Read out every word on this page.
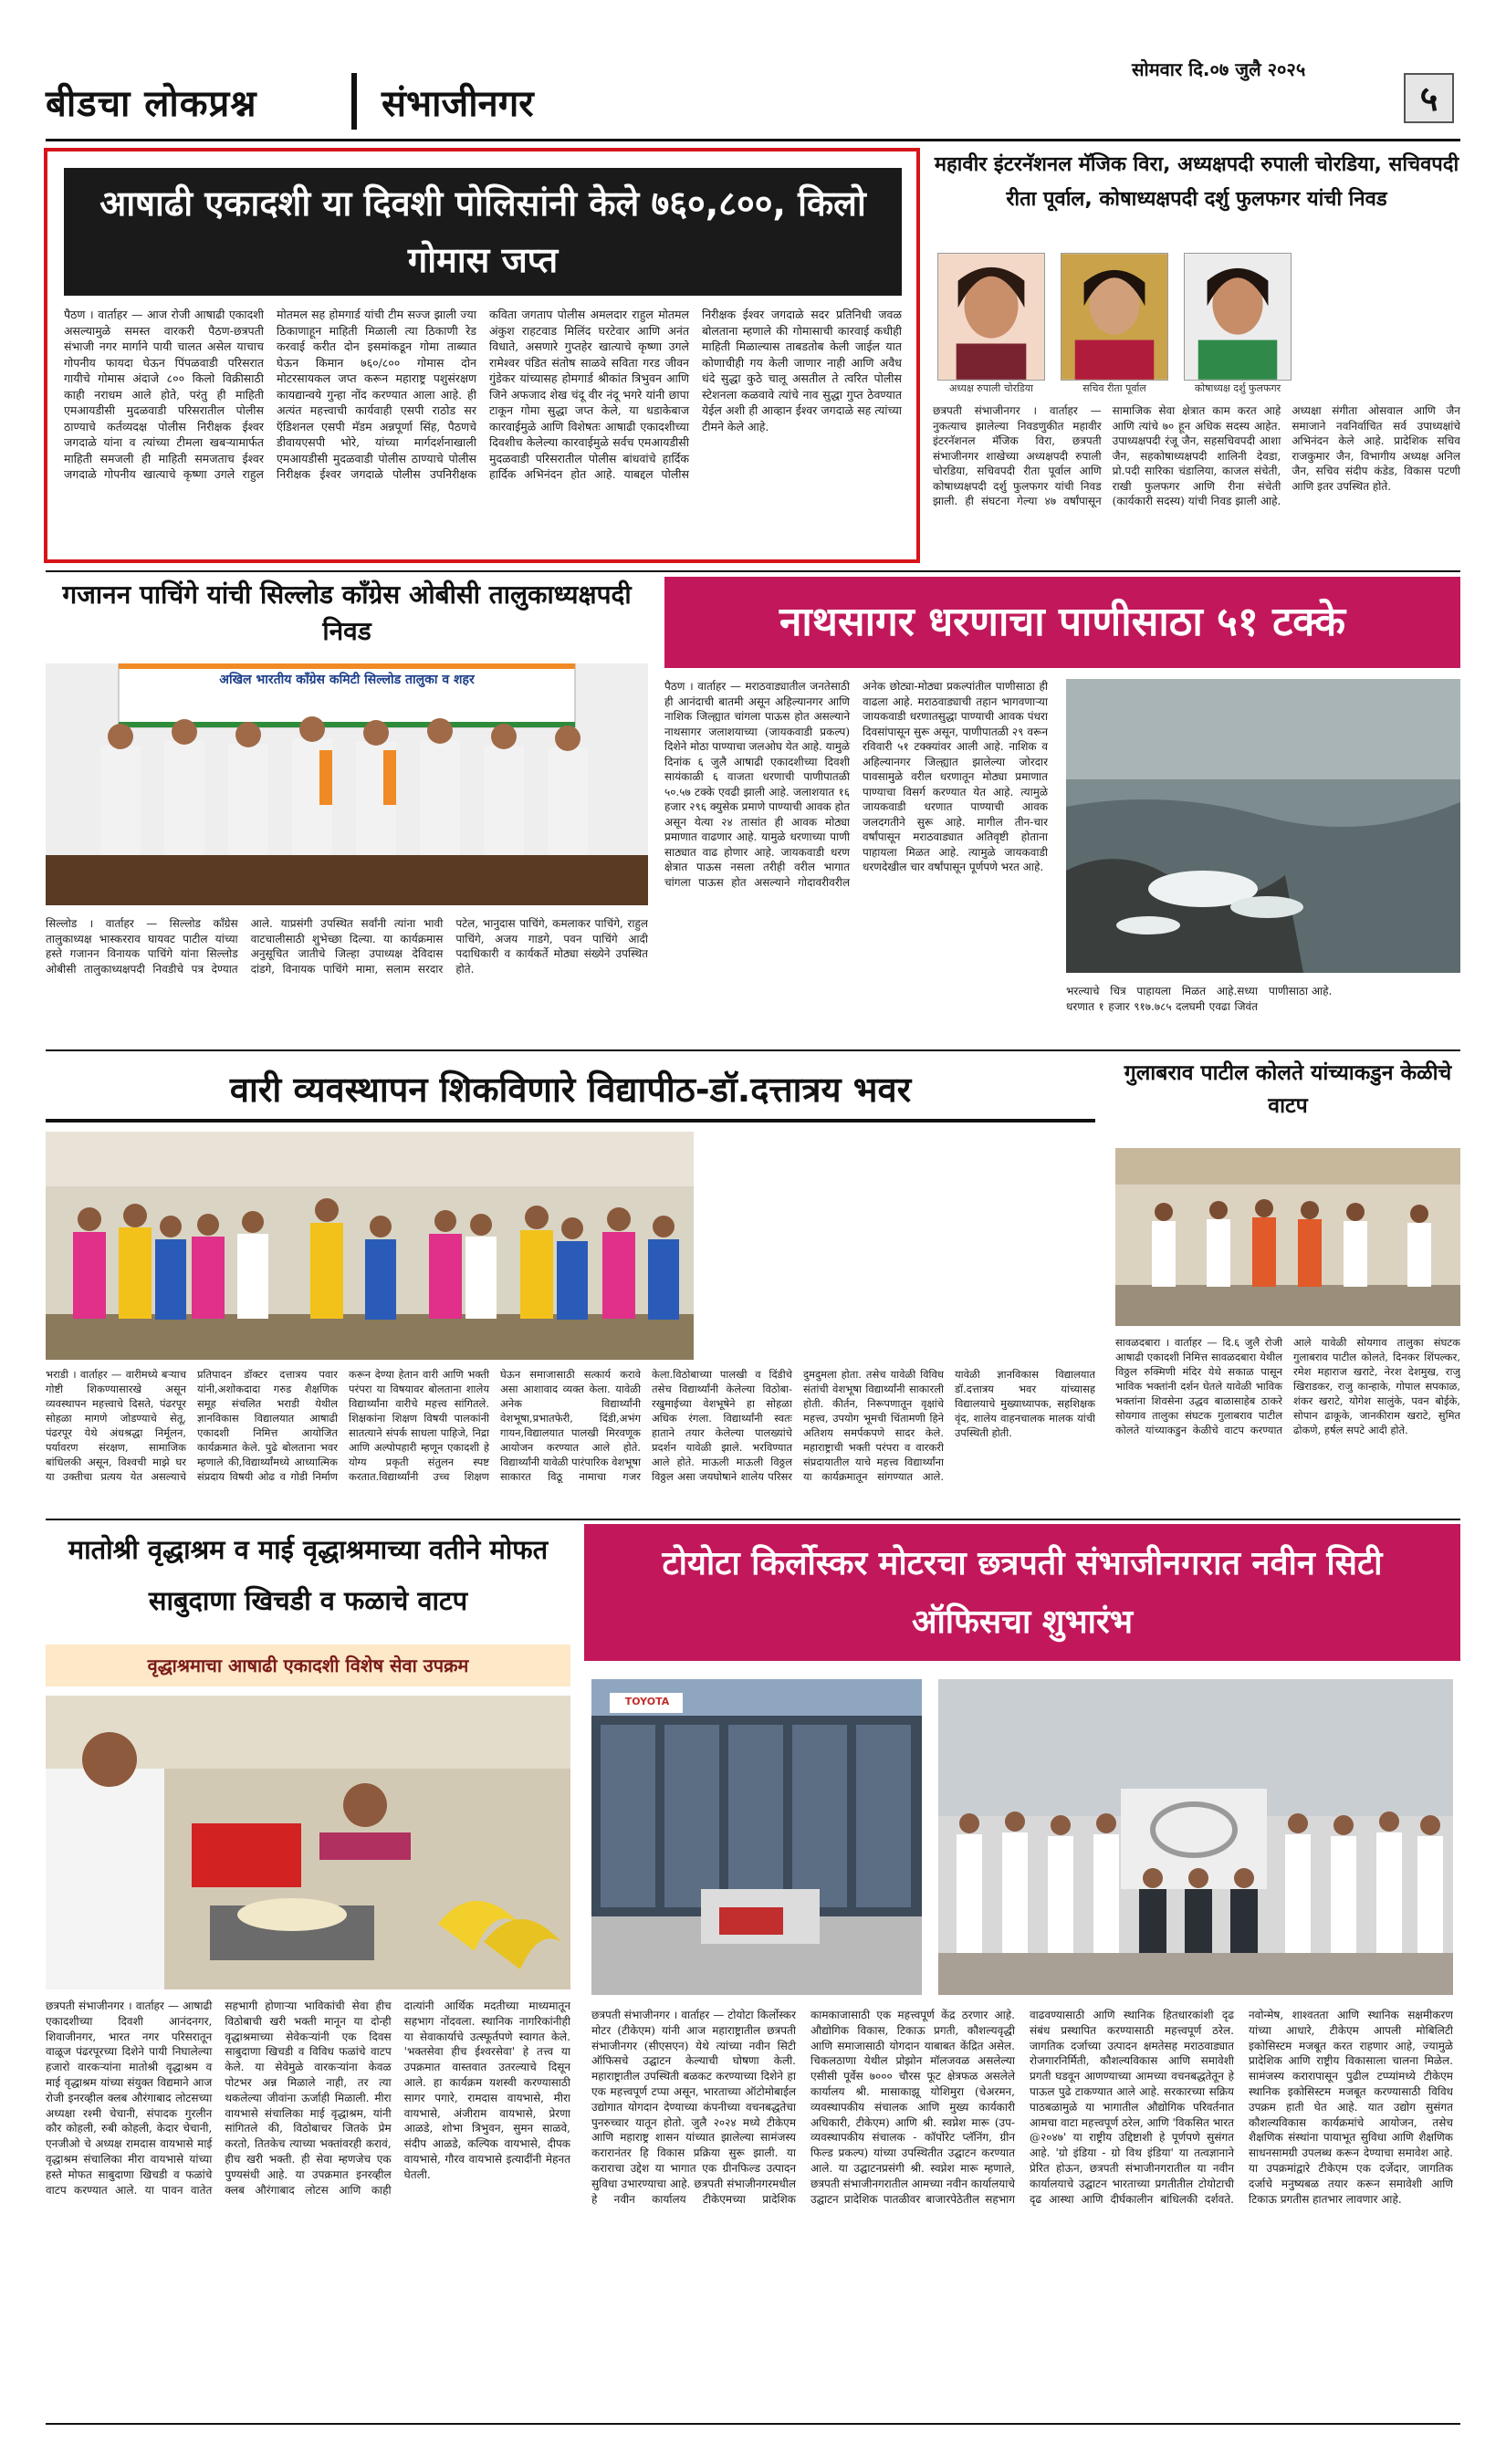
बीडचा लोकप्रश्न	संभाजीनगर
सोमवार दि.०७ जुलै २०२५
५
आषाढी एकादशी या दिवशी पोलिसांनी केले ७६०,८००, किलो गोमास जप्त
पैठण । वार्ताहर — आज रोजी आषाढी एकादशी असल्यामुळे समस्त वारकरी पैठण-छत्रपती संभाजी नगर मार्गाने पायी चालत असेल याचाच गोपनीय फायदा घेऊन पिंपळवाडी परिसरात गायीचे गोमास अंदाजे ८०० किलो विक्रीसाठी काही नराधम आले होते, परंतु ही माहिती एमआयडीसी मुदळवाडी परिसरातील पोलीस ठाण्याचे कर्तव्यदक्ष पोलीस निरीक्षक ईश्वर जगदाळे यांना व त्यांच्या टीमला खबऱ्यामार्फत माहिती समजली ही माहिती समजताच ईश्वर जगदाळे गोपनीय खात्याचे कृष्णा उगले राहुल मोतमल सह होमगार्ड यांची टीम सज्ज झाली ज्या ठिकाणाहून माहिती मिळाली त्या ठिकाणी रेड करवाई करीत दोन इसमांकडून गोमा ताब्यात घेऊन किमान ७६०/८०० गोमास दोन मोटरसायकल जप्त करून महाराष्ट्र पशुसंरक्षण कायद्यान्वये गुन्हा नोंद करण्यात आला आहे. ही अत्यंत महत्त्वाची कार्यवाही एसपी राठोड सर ऍडिशनल एसपी मॅडम अन्नपूर्णा सिंह, पैठणचे डीवायएसपी भोरे, यांच्या मार्गदर्शनाखाली एमआयडीसी मुदळवाडी पोलीस ठाण्याचे पोलीस निरीक्षक ईश्वर जगदाळे पोलीस उपनिरीक्षक कविता जगताप पोलीस अमलदार राहुल मोतमल अंकुश राहटवाड मिलिंद घरटेवार आणि अनंत विधाते, असणारे गुप्तहेर खात्याचे कृष्णा उगले रामेश्वर पंडित संतोष साळवे सविता गरड जीवन गुंडेकर यांच्यासह होमगार्ड श्रीकांत त्रिभुवन आणि जिने अफजाद शेख चंदू वीर नंदू भगरे यांनी छापा टाकून गोमा सुद्धा जप्त केले, या धडाकेबाज कारवाईमुळे आणि विशेषतः आषाढी एकादशीच्या दिवशीच केलेल्या कारवाईमुळे सर्वच एमआयडीसी मुदळवाडी परिसरातील पोलीस बांधवांचे हार्दिक हार्दिक अभिनंदन होत आहे. याबद्दल पोलीस निरीक्षक ईश्वर जगदाळे सदर प्रतिनिधी जवळ बोलताना म्हणाले की गोमासाची कारवाई कधीही माहिती मिळाल्यास ताबडतोब केली जाईल यात कोणाचीही गय केली जाणार नाही आणि अवैध धंदे सुद्धा कुठे चालू असतील ते त्वरित पोलीस स्टेशनला कळवावे त्यांचे नाव सुद्धा गुप्त ठेवण्यात येईल अशी ही आव्हान ईश्वर जगदाळे सह त्यांच्या टीमने केले आहे.
महावीर इंटरनॅशनल मॅजिक विरा, अध्यक्षपदी रुपाली चोरडिया, सचिवपदी रीता पूर्वाल, कोषाध्यक्षपदी दर्शु फुलफगर यांची निवड
अध्यक्ष रुपाली चोरडिया	सचिव रीता पूर्वाल	कोषाध्यक्ष दर्शु फुलफगर
छत्रपती संभाजीनगर । वार्ताहर — नुकत्याच झालेल्या निवडणुकीत महावीर इंटरनॅशनल मॅजिक विरा, छत्रपती संभाजीनगर शाखेच्या अध्यक्षपदी रुपाली चोरडिया, सचिवपदी रीता पूर्वाल आणि कोषाध्यक्षपदी दर्शु फुलफगर यांची निवड झाली. ही संघटना गेल्या ४७ वर्षांपासून सामाजिक सेवा क्षेत्रात काम करत आहे आणि त्यांचे ७० हून अधिक सदस्य आहेत. उपाध्यक्षपदी रंजू जैन, सहसचिवपदी आशा जैन, सहकोषाध्यक्षपदी शालिनी देवडा, प्रो.पदी सारिका चंडालिया, काजल संचेती, राखी फुलफगर आणि रीना संचेती (कार्यकारी सदस्य) यांची निवड झाली आहे. अध्यक्षा संगीता ओसवाल आणि जैन समाजाने नवनिर्वाचित सर्व उपाध्यक्षांचे अभिनंदन केले आहे. प्रादेशिक सचिव राजकुमार जैन, विभागीय अध्यक्ष अनिल जैन, सचिव संदीप कंडेड, विकास पटणी आणि इतर उपस्थित होते.
गजानन पाचिंगे यांची सिल्लोड काँग्रेस ओबीसी तालुकाध्यक्षपदी निवड
अखिल भारतीय काँग्रेस कमिटी सिल्लोड तालुका व शहर
सिल्लोड । वार्ताहर — सिल्लोड काँग्रेस तालुकाध्यक्ष भास्करराव घायवट पाटील यांच्या हस्ते गजानन विनायक पाचिंगे यांना सिल्लोड ओबीसी तालुकाध्यक्षपदी निवडीचे पत्र देण्यात आले. याप्रसंगी उपस्थित सर्वांनी त्यांना भावी वाटचालीसाठी शुभेच्छा दिल्या. या कार्यक्रमास अनुसूचित जातीचे जिल्हा उपाध्यक्ष देविदास दांडगे, विनायक पाचिंगे मामा, सलाम सरदार पटेल, भानुदास पाचिंगे, कमलाकर पाचिंगे, राहुल पाचिंगे, अजय गाडगे, पवन पाचिंगे आदी पदाधिकारी व कार्यकर्ते मोठ्या संख्येने उपस्थित होते.
नाथसागर धरणाचा पाणीसाठा ५१ टक्के
पैठण । वार्ताहर — मराठवाड्यातील जनतेसाठी ही आनंदाची बातमी असून अहिल्यानगर आणि नाशिक जिल्ह्यात चांगला पाऊस होत असल्याने नाथसागर जलाशयाच्या (जायकवाडी प्रकल्प) दिशेने मोठा पाण्याचा जलओघ येत आहे. यामुळे दिनांक ६ जुलै आषाढी एकादशीच्या दिवशी सायंकाळी ६ वाजता धरणाची पाणीपातळी ५०.५७ टक्के एवढी झाली आहे. जलाशयात १६ हजार २९६ क्युसेक प्रमाणे पाण्याची आवक होत असून येत्या २४ तासांत ही आवक मोठ्या प्रमाणात वाढणार आहे. यामुळे धरणाच्या पाणी साठ्यात वाढ होणार आहे. जायकवाडी धरण क्षेत्रात पाऊस नसला तरीही वरील भागात चांगला पाऊस होत असल्याने गोदावरीवरील अनेक छोट्या-मोठ्या प्रकल्पांतील पाणीसाठा ही वाढला आहे. मराठवाड्याची तहान भागवणाऱ्या जायकवाडी धरणातसुद्धा पाण्याची आवक पंधरा दिवसांपासून सुरू असून, पाणीपातळी २९ वरून रविवारी ५१ टक्क्यांवर आली आहे. नाशिक व अहिल्यानगर जिल्ह्यात झालेल्या जोरदार पावसामुळे वरील धरणातून मोठ्या प्रमाणात पाण्याचा विसर्ग करण्यात येत आहे. त्यामुळे जायकवाडी धरणात पाण्याची आवक जलदगतीने सुरू आहे. मागील तीन-चार वर्षांपासून मराठवाड्यात अतिवृष्टी होताना पाहायला मिळत आहे. त्यामुळे जायकवाडी धरणदेखील चार वर्षांपासून पूर्णपणे भरत आहे.
भरल्याचे चित्र पाहायला मिळत आहे.सध्या धरणात १ हजार ९१७.७८५ दलघमी एवढा जिवंत पाणीसाठा आहे.
वारी व्यवस्थापन शिकविणारे विद्यापीठ-डॉ.दत्तात्रय भवर
भराडी । वार्ताहर — वारीमध्ये बऱ्याच गोष्टी शिकण्यासारखे असून व्यवस्थापन महत्त्वाचे दिसते, पंढरपूर सोहळा मागणे जोडण्याचे सेतू, पंढरपूर येथे अंधश्रद्धा निर्मूलन, पर्यावरण संरक्षण, सामाजिक बांधिलकी असून, विश्वची माझे घर या उक्तीचा प्रत्यय येत असल्याचे प्रतिपादन डॉक्टर दत्तात्रय पवार यांनी,अशोकदादा गरुड शैक्षणिक समूह संचलित भराडी येथील ज्ञानविकास विद्यालयात आषाढी एकादशी निमित्त आयोजित कार्यक्रमात केले. पुढे बोलताना भवर म्हणाले की,विद्यार्थ्यांमध्ये आध्यात्मिक संप्रदाय विषयी ओढ व गोडी निर्माण करून देण्या हेतान वारी आणि भक्ती परंपरा या विषयावर बोलताना शालेय विद्यार्थ्यांना वारीचे महत्त्व सांगितले. शिक्षकांना शिक्षण विषयी पालकांनी सातत्याने संपर्क साधला पाहिजे, निद्रा आणि अल्पोपहारी म्हणून एकादशी हे योग्य प्रकृती संतुलन स्पष्ट करतात.विद्यार्थ्यांनी उच्च शिक्षण घेऊन समाजासाठी सत्कार्य करावे असा आशावाद व्यक्त केला. यावेळी अनेक विद्यार्थ्यांनी वेशभूषा,प्रभातफेरी, दिंडी,अभंग गायन,विद्यालयात पालखी मिरवणूक आयोजन करण्यात आले होते. विद्यार्थ्यांनी यावेळी पारंपारिक वेशभूषा साकारत विठू नामाचा गजर केला.विठोबाच्या पालखी व दिंडीचे तसेच विद्यार्थ्यांनी केलेल्या विठोबा-रखुमाईच्या वेशभूषेने हा सोहळा अधिक रंगला. विद्यार्थ्यांनी स्वतः हाताने तयार केलेल्या पालख्यांचे प्रदर्शन यावेळी झाले. भरविण्यात आले होते. माऊली माऊली विठ्ठल विठ्ठल असा जयघोषाने शालेय परिसर दुमदुमला होता. तसेच यावेळी विविध संतांची वेशभूषा विद्यार्थ्यांनी साकारली होती. कीर्तन, निरूपणातून वृक्षांचे महत्त्व, उपयोग भूमची चिंतामणी हिने अतिशय समर्पकपणे सादर केले. महाराष्ट्राची भक्ती परंपरा व वारकरी संप्रदायातील याचे महत्त्व विद्यार्थ्यांना या कार्यक्रमातून सांगण्यात आले. यावेळी ज्ञानविकास विद्यालयात डॉ.दत्तात्रय भवर यांच्यासह विद्यालयाचे मुख्याध्यापक, सहशिक्षक वृंद, शालेय वाहनचालक मालक यांची उपस्थिती होती.
गुलाबराव पाटील कोलते यांच्याकडुन केळीचे वाटप
सावळदबारा । वार्ताहर — दि.६ जुलै रोजी आषाढी एकादशी निमित्त सावळदबारा येथील विठ्ठल रुक्मिणी मंदिर येथे सकाळ पासून भाविक भक्तांनी दर्शन घेतले यावेळी भाविक भक्तांना शिवसेना उद्धव बाळासाहेब ठाकरे सोयगाव तालुका संघटक गुलाबराव पाटील कोलते यांच्याकडुन केळीचे वाटप करण्यात आले यावेळी सोयगाव तालुका संघटक गुलाबराव पाटील कोलते, दिनकर शिंपल्कर, रमेश महाराज खराटे, नेरश देशमुख, राजु खिराडकर, राजु कान्हाके, गोपाल सपकाळ, शंकर खराटे, योगेश सालुंके, पवन बोईके, सोपान ढाकूके, जानकीराम खराटे, सुमित ढोकणे, हर्षल सपटे आदी होते.
मातोश्री वृद्धाश्रम व माई वृद्धाश्रमाच्या वतीने मोफत साबुदाणा खिचडी व फळाचे वाटप
वृद्धाश्रमाचा आषाढी एकादशी विशेष सेवा उपक्रम
छत्रपती संभाजीनगर । वार्ताहर — आषाढी एकादशीच्या दिवशी आनंदनगर, शिवाजीनगर, भारत नगर परिसरातून वाळूज पंढरपूरच्या दिशेने पायी निघालेल्या हजारो वारकऱ्यांना मातोश्री वृद्धाश्रम व माई वृद्धाश्रम यांच्या संयुक्त विद्यमाने आज रोजी इनरव्हील क्लब औरंगाबाद लोटसच्या अध्यक्षा रश्मी चेचानी, संपादक गुरलीन कौर कोहली, रुबी कोहली, केदार चेचानी, एनजीओ चे अध्यक्ष रामदास वायभासे माई वृद्धाश्रम संचालिका मीरा वायभासे यांच्या हस्ते मोफत साबुदाणा खिचडी व फळांचे वाटप करण्यात आले. या पावन वातेत सहभागी होणाऱ्या भाविकांची सेवा हीच विठोबाची खरी भक्ती मानून या दोन्ही वृद्धाश्रमाच्या सेवेकऱ्यांनी एक दिवस साबुदाणा खिचडी व विविध फळांचे वाटप केले. या सेवेमुळे वारकऱ्यांना केवळ पोटभर अन्न मिळाले नाही, तर त्या थकलेल्या जीवांना ऊर्जाही मिळाली. मीरा वायभासे संचालिका माई वृद्धाश्रम, यांनी सांगितले की, विठोबाचर जितके प्रेम करतो, तितकेच त्याच्या भक्तांवरही करावं, हीच खरी भक्ती. ही सेवा म्हणजेच एक पुण्यसंधी आहे. या उपक्रमात इनरव्हील क्लब औरंगाबाद लोटस आणि काही दात्यांनी आर्थिक मदतीच्या माध्यमातून सहभाग नोंदवला. स्थानिक नागरिकांनीही या सेवाकार्याचे उत्स्फूर्तपणे स्वागत केले. 'भक्तसेवा हीच ईश्वरसेवा' हे तत्त्व या उपक्रमात वास्तवात उतरल्याचे दिसून आले. हा कार्यक्रम यशस्वी करण्यासाठी सागर पगारे, रामदास वायभासे, मीरा वायभासे, अंजीराम वायभासे, प्रेरणा आळडे, शोभा त्रिभुवन, सुमन साळवे, संदीप आळडे, कल्पिक वायभासे, दीपक वायभासे, गौरव वायभासे इत्यादींनी मेहनत घेतली.
टोयोटा किर्लोस्कर मोटरचा छत्रपती संभाजीनगरात नवीन सिटी ऑफिसचा शुभारंभ
TOYOTA
छत्रपती संभाजीनगर । वार्ताहर — टोयोटा किर्लोस्कर मोटर (टीकेएम) यांनी आज महाराष्ट्रातील छत्रपती संभाजीनगर (सीएसएन) येथे त्यांच्या नवीन सिटी ऑफिसचे उद्घाटन केल्याची घोषणा केली. महाराष्ट्रातील उपस्थिती बळकट करण्याच्या दिशेने हा एक महत्त्वपूर्ण टप्पा असून, भारताच्या ऑटोमोबाईल उद्योगात योगदान देण्याच्या कंपनीच्या वचनबद्धतेचा पुनरुच्चार यातून होतो. जुलै २०२४ मध्ये टीकेएम आणि महाराष्ट्र शासन यांच्यात झालेल्या सामंजस्य करारानंतर हि विकास प्रक्रिया सुरू झाली. या कराराचा उद्देश या भागात एक ग्रीनफिल्ड उत्पादन सुविधा उभारण्याचा आहे. छत्रपती संभाजीनगरमधील हे नवीन कार्यालय टीकेएमच्या प्रादेशिक कामकाजासाठी एक महत्त्वपूर्ण केंद्र ठरणार आहे. औद्योगिक विकास, टिकाऊ प्रगती, कौशल्यवृद्धी आणि समाजासाठी योगदान याबाबत केंद्रित असेल. चिकलठाणा येथील प्रोझोन मॉलजवळ असलेल्या एसीसी पूर्वेस ७००० चौरस फूट क्षेत्रफळ असलेले कार्यालय श्री. मासाकाझू योशिमुरा (चेअरमन, व्यवस्थापकीय संचालक आणि मुख्य कार्यकारी अधिकारी, टीकेएम) आणि श्री. स्वप्नेश मारू (उप-व्यवस्थापकीय संचालक - कॉर्पोरेट प्लॅनिंग, ग्रीन फिल्ड प्रकल्प) यांच्या उपस्थितीत उद्घाटन करण्यात आले. या उद्घाटनप्रसंगी श्री. स्वप्नेश मारू म्हणाले, छत्रपती संभाजीनगरातील आमच्या नवीन कार्यालयाचे उद्घाटन प्रादेशिक पातळीवर बाजारपेठेतील सहभाग वाढवण्यासाठी आणि स्थानिक हितधारकांशी दृढ संबंध प्रस्थापित करण्यासाठी महत्त्वपूर्ण ठरेल. जागतिक दर्जाच्या उत्पादन क्षमतेसह मराठवाड्यात रोजगारनिर्मिती, कौशल्यविकास आणि समावेशी प्रगती घडवून आणण्याच्या आमच्या वचनबद्धतेतून हे पाऊल पुढे टाकण्यात आले आहे. सरकारच्या सक्रिय पाठबळामुळे या भागातील औद्योगिक परिवर्तनात आमचा वाटा महत्त्वपूर्ण ठरेल, आणि 'विकसित भारत @२०४७' या राष्ट्रीय उद्दिष्टाशी हे पूर्णपणे सुसंगत आहे. 'ग्रो इंडिया - ग्रो विथ इंडिया' या तत्वज्ञानाने प्रेरित होऊन, छत्रपती संभाजीनगरातील या नवीन कार्यालयाचे उद्घाटन भारताच्या प्रगतीतील टोयोटाची दृढ आस्था आणि दीर्घकालीन बांधिलकी दर्शवते. नवोन्मेष, शाश्वतता आणि स्थानिक सक्षमीकरण यांच्या आधारे, टीकेएम आपली मोबिलिटी इकोसिस्टम मजबूत करत राहणार आहे, ज्यामुळे प्रादेशिक आणि राष्ट्रीय विकासाला चालना मिळेल. सामंजस्य करारापासून पुढील टप्प्यांमध्ये टीकेएम स्थानिक इकोसिस्टम मजबूत करण्यासाठी विविध उपक्रम हाती घेत आहे. यात उद्योग सुसंगत कौशल्यविकास कार्यक्रमांचे आयोजन, तसेच शैक्षणिक संस्थांना पायाभूत सुविधा आणि शैक्षणिक साधनसामग्री उपलब्ध करून देण्याचा समावेश आहे. या उपक्रमांद्वारे टीकेएम एक दर्जेदार, जागतिक दर्जाचे मनुष्यबळ तयार करून समावेशी आणि टिकाऊ प्रगतीस हातभार लावणार आहे.
